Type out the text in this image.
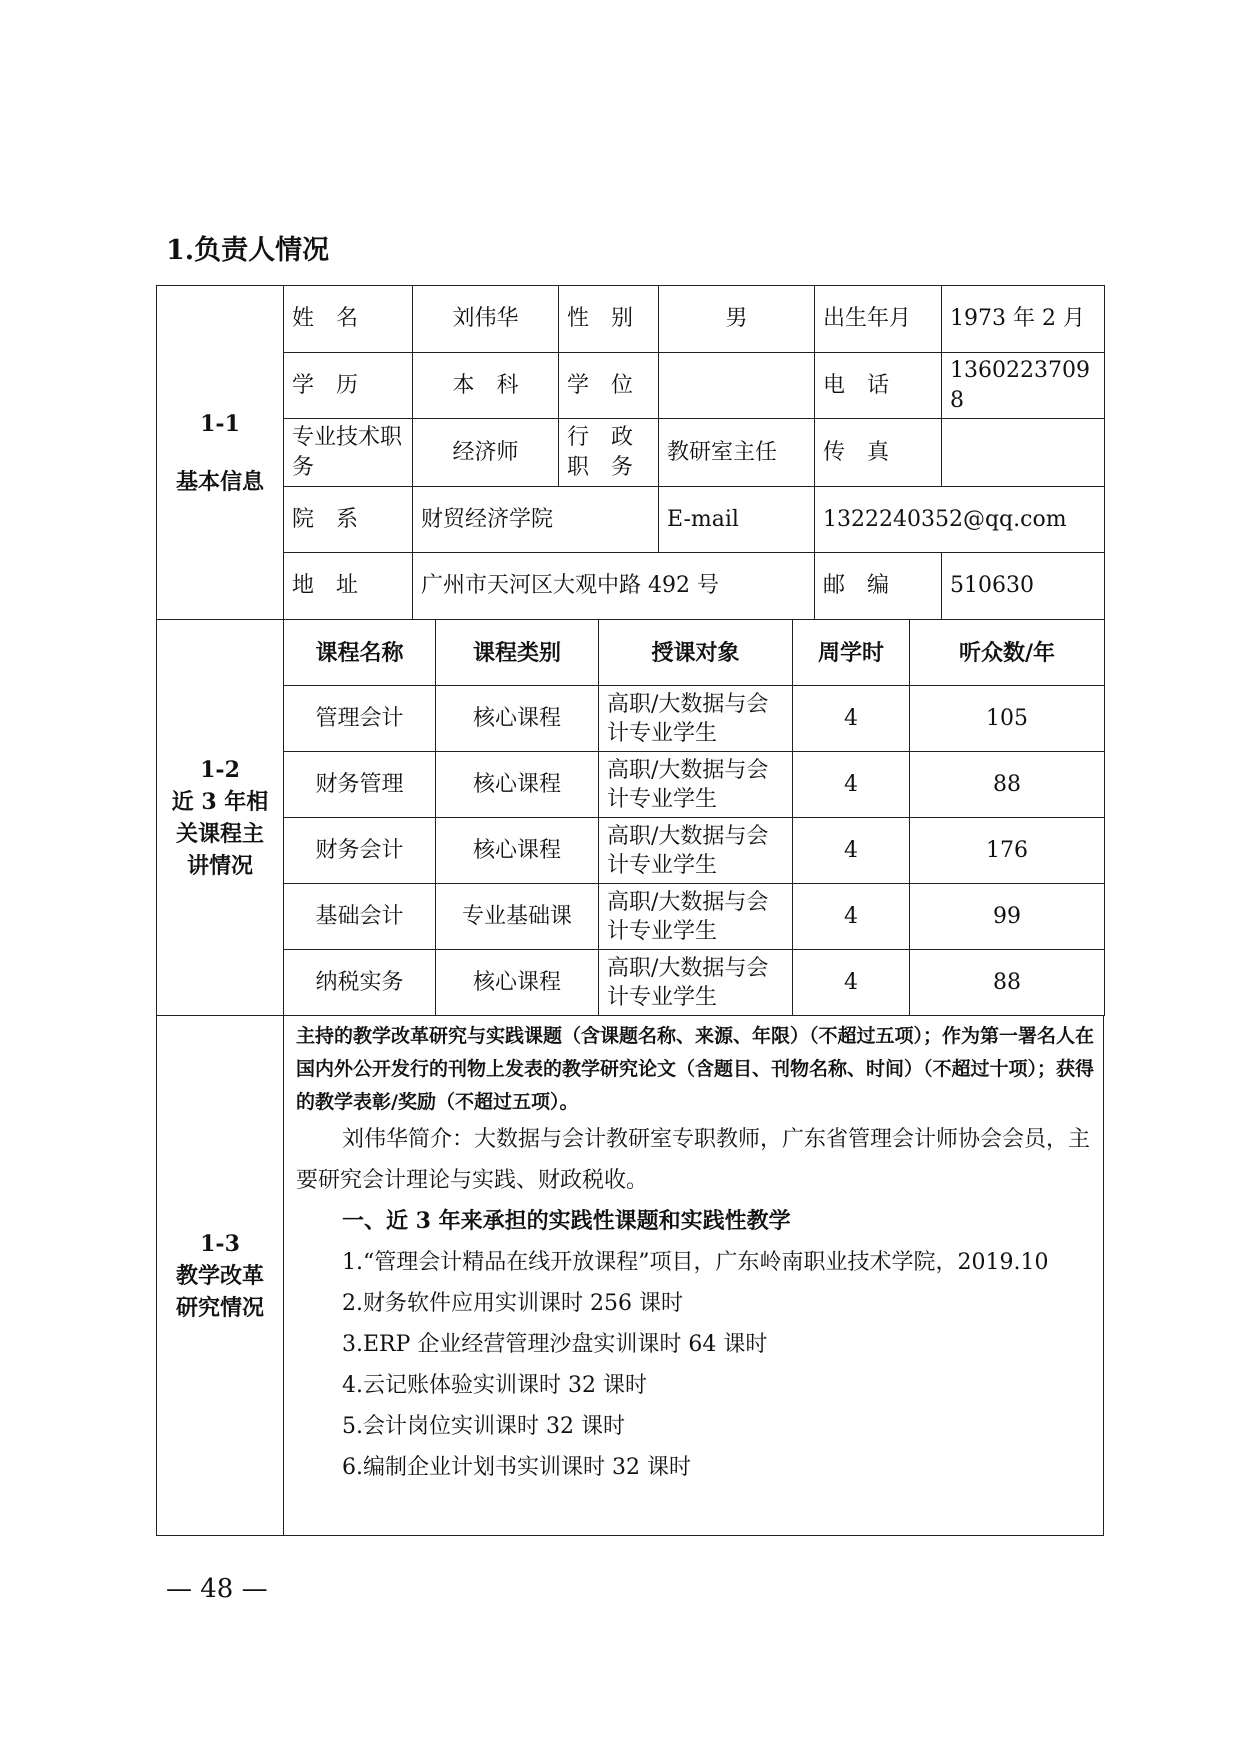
1.负责人情况
1-1
基本信息	姓　名	刘伟华	性　别	男	出生年月	1973 年 2 月
	学　历	本　科	学　位		电　话	13602237098
	专业技术职务	经济师	行　政　职　务	教研室主任	传　真	
	院　系	财贸经济学院		E-mail	1322240352@qq.com	
	地　址	广州市天河区大观中路 492 号			邮　编	510630
1-2
近 3 年相关课程主讲情况	课程名称	课程类别	授课对象	周学时	听众数/年
	管理会计	核心课程	高职/大数据与会计专业学生	4	105
	财务管理	核心课程	高职/大数据与会计专业学生	4	88
	财务会计	核心课程	高职/大数据与会计专业学生	4	176
	基础会计	专业基础课	高职/大数据与会计专业学生	4	99
	纳税实务	核心课程	高职/大数据与会计专业学生	4	88
1-3
教学改革研究情况

主持的教学改革研究与实践课题（含课题名称、来源、年限）（不超过五项）；作为第一署名人在国内外公开发行的刊物上发表的教学研究论文（含题目、刊物名称、时间）（不超过十项）；获得的教学表彰/奖励（不超过五项）。
刘伟华简介：大数据与会计教研室专职教师，广东省管理会计师协会会员，主要研究会计理论与实践、财政税收。
一、近 3 年来承担的实践性课题和实践性教学
1.“管理会计精品在线开放课程”项目，广东岭南职业技术学院，2019.10
2.财务软件应用实训课时 256 课时
3.ERP 企业经营管理沙盘实训课时 64 课时
4.云记账体验实训课时 32 课时
5.会计岗位实训课时 32 课时
6.编制企业计划书实训课时 32 课时
— 48 —
